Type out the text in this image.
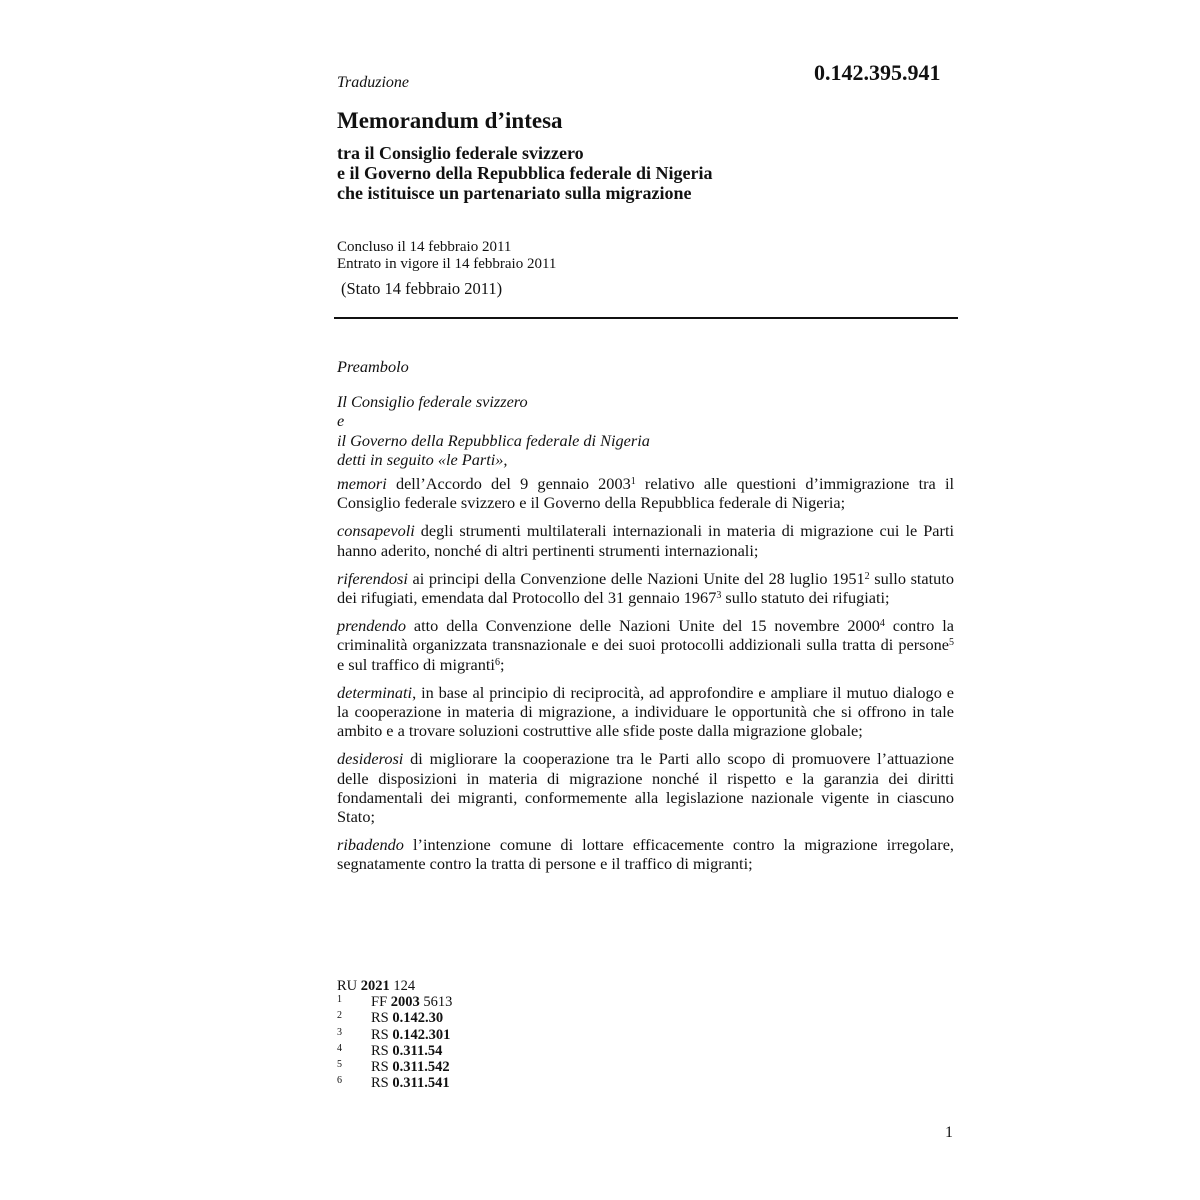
0.142.395.941
Traduzione
Memorandum d’intesa
tra il Consiglio federale svizzero
e il Governo della Repubblica federale di Nigeria
che istituisce un partenariato sulla migrazione
Concluso il 14 febbraio 2011
Entrato in vigore il 14 febbraio 2011
(Stato 14 febbraio 2011)

Preambolo

Il Consiglio federale svizzero
e
il Governo della Repubblica federale di Nigeria
detti in seguito «le Parti»,

memori dell’Accordo del 9 gennaio 2003$^1$ relativo alle questioni d’immigrazione tra il Consiglio federale svizzero e il Governo della Repubblica federale di Nigeria;

consapevoli degli strumenti multilaterali internazionali in materia di migrazione cui le Parti hanno aderito, nonché di altri pertinenti strumenti internazionali;

riferendosi ai principi della Convenzione delle Nazioni Unite del 28 luglio 1951$^2$ sullo statuto dei rifugiati, emendata dal Protocollo del 31 gennaio 1967$^3$ sullo statuto dei rifugiati;

prendendo atto della Convenzione delle Nazioni Unite del 15 novembre 2000$^4$ contro la criminalità organizzata transnazionale e dei suoi protocolli addizionali sulla tratta di persone$^5$ e sul traffico di migranti$^6$;

determinati, in base al principio di reciprocità, ad approfondire e ampliare il mutuo dialogo e la cooperazione in materia di migrazione, a individuare le opportunità che si offrono in tale ambito e a trovare soluzioni costruttive alle sfide poste dalla migrazione globale;

desiderosi di migliorare la cooperazione tra le Parti allo scopo di promuovere l’attuazione delle disposizioni in materia di migrazione nonché il rispetto e la garanzia dei diritti fondamentali dei migranti, conformemente alla legislazione nazionale vigente in ciascuno Stato;

ribadendo l’intenzione comune di lottare efficacemente contro la migrazione irregolare, segnatamente contro la tratta di persone e il traffico di migranti;

RU 2021 124
1	FF 2003 5613
2	RS 0.142.30
3	RS 0.142.301
4	RS 0.311.54
5	RS 0.311.542
6	RS 0.311.541
1
